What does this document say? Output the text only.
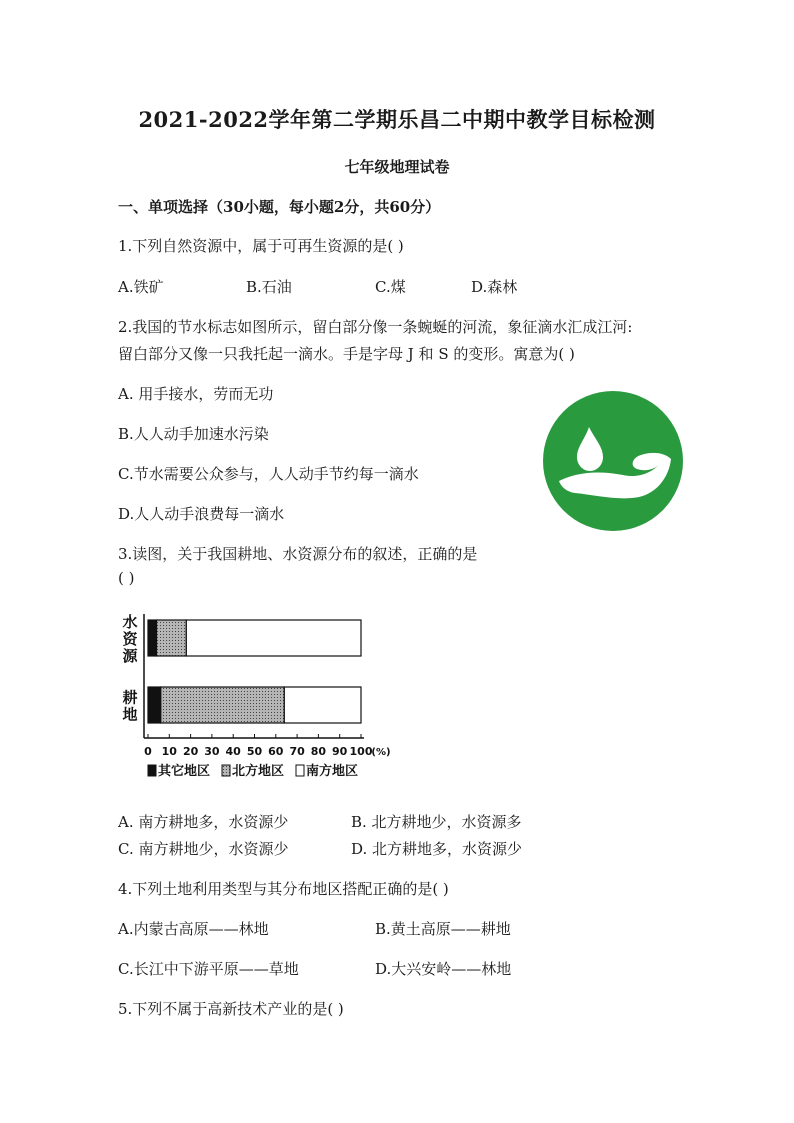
2021-2022学年第二学期乐昌二中期中教学目标检测
七年级地理试卷
一、单项选择（30小题，每小题2分，共60分）
1.下列自然资源中，属于可再生资源的是( )
A.铁矿	B.石油	C.煤	D.森林
2.我国的节水标志如图所示，留白部分像一条蜿蜒的河流，象征滴水汇成江河:
留白部分又像一只我托起一滴水。手是字母 J 和 S 的变形。寓意为( )
A. 用手接水，劳而无功
B.人人动手加速水污染
C.节水需要公众参与，人人动手节约每一滴水
D.人人动手浪费每一滴水
3.读图，关于我国耕地、水资源分布的叙述，正确的是
( )
水
资
源
耕
地
0 10 20 30 40 50 60 70 80 90 100
(%)
其它地区 北方地区 南方地区
A. 南方耕地多，水资源少	B. 北方耕地少，水资源多
C. 南方耕地少，水资源少	D. 北方耕地多，水资源少
4.下列土地利用类型与其分布地区搭配正确的是( )
A.内蒙古高原——林地	B.黄土高原——耕地
C.长江中下游平原——草地	D.大兴安岭——林地
5.下列不属于高新技术产业的是( )
